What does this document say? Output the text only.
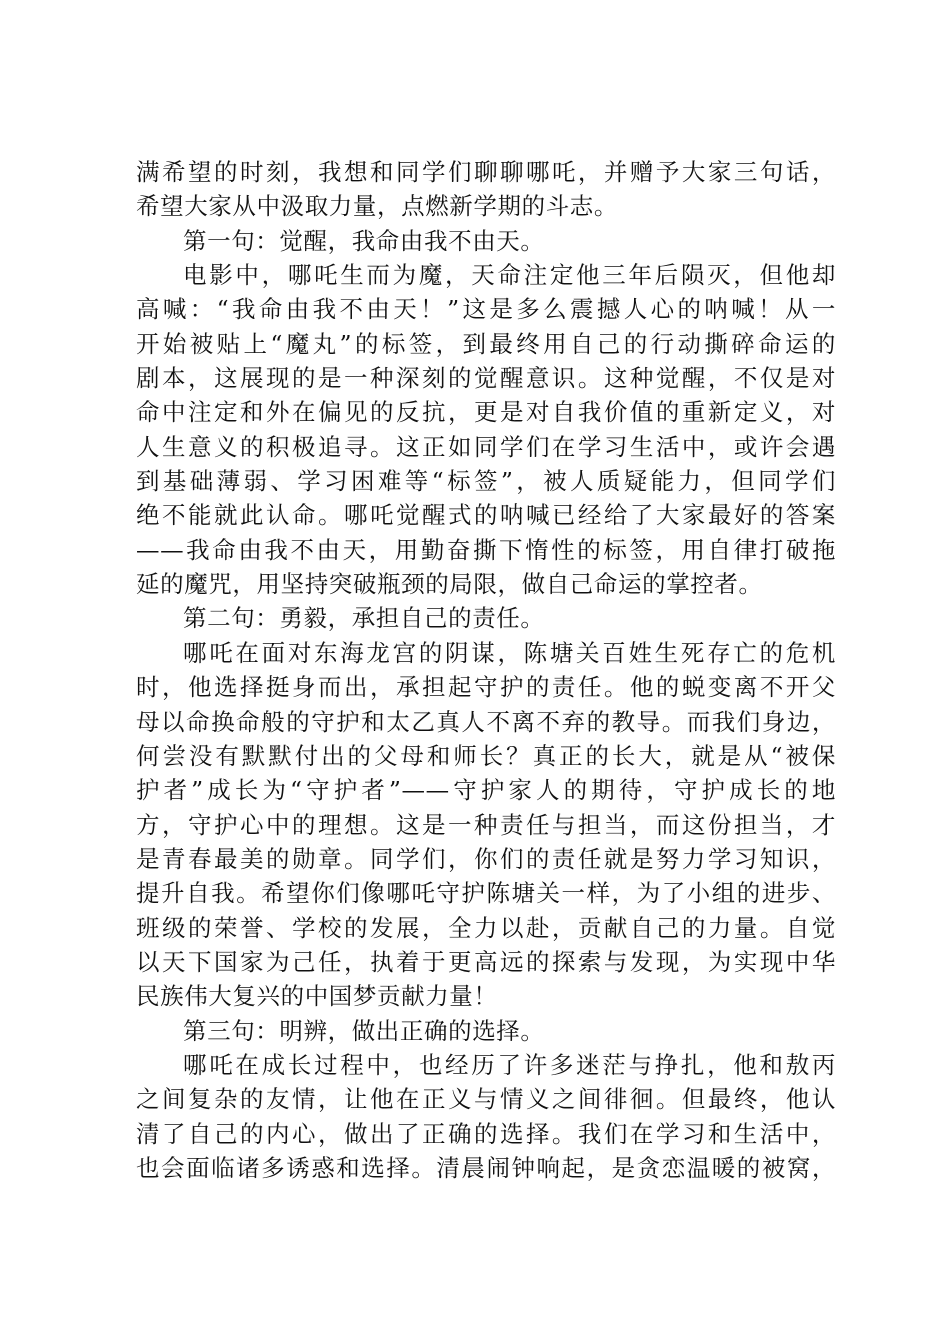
满希望的时刻，我想和同学们聊聊哪吒，并赠予大家三句话，
希望大家从中汲取力量，点燃新学期的斗志。
第一句：觉醒，我命由我不由天。
电影中，哪吒生而为魔，天命注定他三年后陨灭，但他却
高喊：“我命由我不由天！”这是多么震撼人心的呐喊！从一
开始被贴上“魔丸”的标签，到最终用自己的行动撕碎命运的
剧本，这展现的是一种深刻的觉醒意识。这种觉醒，不仅是对
命中注定和外在偏见的反抗，更是对自我价值的重新定义，对
人生意义的积极追寻。这正如同学们在学习生活中，或许会遇
到基础薄弱、学习困难等“标签”，被人质疑能力，但同学们
绝不能就此认命。哪吒觉醒式的呐喊已经给了大家最好的答案
——我命由我不由天，用勤奋撕下惰性的标签，用自律打破拖
延的魔咒，用坚持突破瓶颈的局限，做自己命运的掌控者。
第二句：勇毅，承担自己的责任。
哪吒在面对东海龙宫的阴谋，陈塘关百姓生死存亡的危机
时，他选择挺身而出，承担起守护的责任。他的蜕变离不开父
母以命换命般的守护和太乙真人不离不弃的教导。而我们身边，
何尝没有默默付出的父母和师长？真正的长大，就是从“被保
护者”成长为“守护者”——守护家人的期待，守护成长的地
方，守护心中的理想。这是一种责任与担当，而这份担当，才
是青春最美的勋章。同学们，你们的责任就是努力学习知识，
提升自我。希望你们像哪吒守护陈塘关一样，为了小组的进步、
班级的荣誉、学校的发展，全力以赴，贡献自己的力量。自觉
以天下国家为己任，执着于更高远的探索与发现，为实现中华
民族伟大复兴的中国梦贡献力量！
第三句：明辨，做出正确的选择。
哪吒在成长过程中，也经历了许多迷茫与挣扎，他和敖丙
之间复杂的友情，让他在正义与情义之间徘徊。但最终，他认
清了自己的内心，做出了正确的选择。我们在学习和生活中，
也会面临诸多诱惑和选择。清晨闹钟响起，是贪恋温暖的被窝，
